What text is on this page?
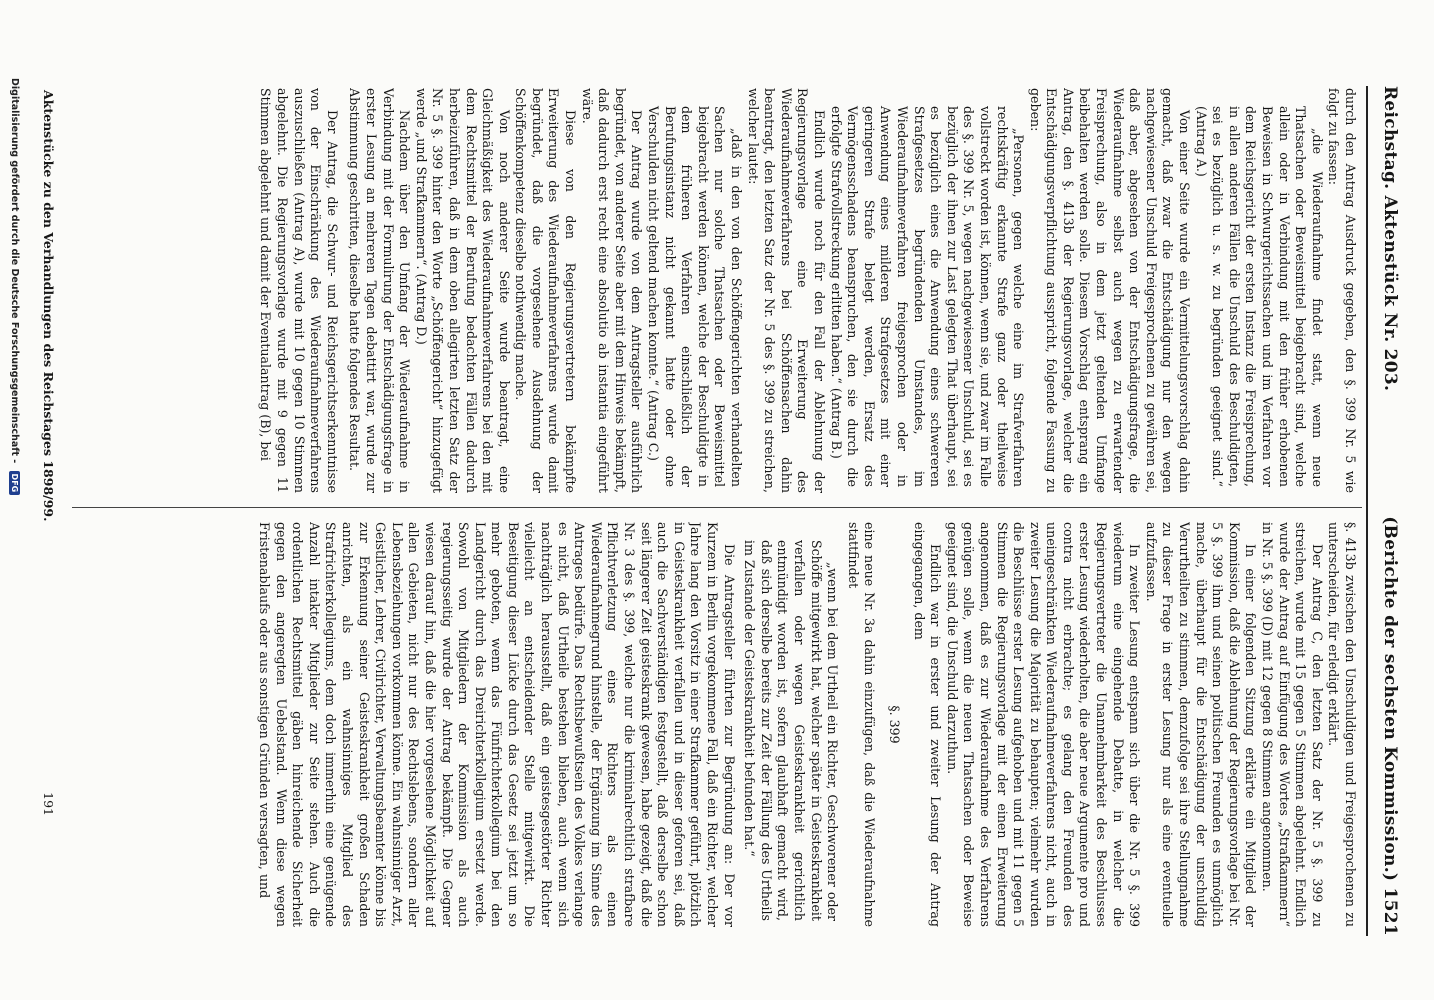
Reichstag. Aktenstück Nr. 203.
(Berichte der sechsten Kommission.) 1521

durch den Antrag Ausdruck gegeben, den §. 399 Nr. 5 wie folgt zu fassen:

„die Wiederaufnahme findet statt, wenn neue Thatsachen oder Beweismittel beigebracht sind, welche allein oder in Verbindung mit den früher erhobenen Beweisen in Schwurgerichtssachen und im Verfahren vor dem Reichsgericht der ersten Instanz die Freisprechung, in allen anderen Fällen die Unschuld des Beschuldigten, sei es bezüglich u. s. w. zu begründen geeignet sind.“ (Antrag A.)

Von einer Seite wurde ein Vermittelungsvorschlag dahin gemacht, daß zwar die Entschädigung nur den wegen nachgewiesener Unschuld Freigesprochenen zu gewähren sei, daß aber, abgesehen von der Entschädigungsfrage, die Wiederaufnahme selbst auch wegen zu erwartender Freisprechung, also in dem jetzt geltenden Umfange beibehalten werden solle. Diesem Vorschlag entsprang ein Antrag, den §. 413b der Regierungsvorlage, welcher die Entschädigungsverpflichtung ausspricht, folgende Fassung zu geben:

„Personen, gegen welche eine im Strafverfahren rechtskräftig erkannte Strafe ganz oder theilweise vollstreckt worden ist, können, wenn sie, und zwar im Falle des §. 399 Nr. 5, wegen nachgewiesener Unschuld, sei es bezüglich der ihnen zur Last gelegten That überhaupt, sei es bezüglich eines die Anwendung eines schwereren Strafgesetzes begründenden Umstandes, im Wiederaufnahmeverfahren freigesprochen oder in Anwendung eines milderen Strafgesetzes mit einer geringeren Strafe belegt werden, Ersatz des Vermögensschadens beanspruchen, den sie durch die erfolgte Strafvollstreckung erlitten haben.“ (Antrag B.)

Endlich wurde noch für den Fall der Ablehnung der Regierungsvorlage eine Erweiterung des Wiederaufnahmeverfahrens bei Schöffensachen dahin beantragt, den letzten Satz der Nr. 5 des §. 399 zu streichen, welcher lautet:

„daß in den von den Schöffengerichten verhandelten Sachen nur solche Thatsachen oder Beweismittel beigebracht werden können, welche der Beschuldigte in dem früheren Verfahren einschließlich der Berufungsinstanz nicht gekannt hatte oder ohne Verschulden nicht geltend machen konnte.“ (Antrag C.)

Der Antrag wurde von dem Antragsteller ausführlich begründet, von anderer Seite aber mit dem Hinweis bekämpft, daß dadurch erst recht eine absolutio ab instantia eingeführt wäre.

Diese von den Regierungsvertretern bekämpfte Erweiterung des Wiederaufnahmeverfahrens wurde damit begründet, daß die vorgesehene Ausdehnung der Schöffenkompetenz dieselbe nothwendig mache.

Von noch anderer Seite wurde beantragt, eine Gleichmäßigkeit des Wiederaufnahmeverfahrens bei den mit dem Rechtsmittel der Berufung bedachten Fällen dadurch herbeizuführen, daß in dem oben allegirten letzten Satz der Nr. 5 §. 399 hinter den Worte „Schöffengericht“ hinzugefügt werde „und Strafkammern“. (Antrag D.)

Nachdem über den Umfang der Wiederaufnahme in Verbindung mit der Formulirung der Entschädigungsfrage in erster Lesung an mehreren Tagen debattirt war, wurde zur Abstimmung geschritten, dieselbe hatte folgendes Resultat.

Der Antrag, die Schwur- und Reichsgerichtserkenntnisse von der Einschränkung des Wiederaufnahmeverfahrens auszuschließen (Antrag A), wurde mit 10 gegen 10 Stimmen abgelehnt. Die Regierungsvorlage wurde mit 9 gegen 11 Stimmen abgelehnt und damit der Eventualantrag (B), bei

§. 413b zwischen den Unschuldigen und Freigesprochenen zu unterscheiden, für erledigt erklärt.

Der Antrag C, den letzten Satz der Nr. 5 §. 399 zu streichen, wurde mit 15 gegen 5 Stimmen abgelehnt. Endlich wurde der Antrag auf Einfügung des Wortes „Strafkammern“ in Nr. 5 §. 399 (D) mit 12 gegen 8 Stimmen angenommen.

In einer folgenden Sitzung erklärte ein Mitglied der Kommission, daß die Ablehnung der Regierungsvorlage bei Nr. 5 §. 399 ihm und seinen politischen Freunden es unmöglich mache, überhaupt für die Entschädigung der unschuldig Verurtheilten zu stimmen, demzufolge sei ihre Stellungnahme zu dieser Frage in erster Lesung nur als eine eventuelle aufzufassen.

In zweiter Lesung entspann sich über die Nr. 5 §. 399 wiederum eine eingehende Debatte, in welcher die Regierungsvertreter die Unannehmbarkeit des Beschlusses erster Lesung wiederholten, die aber neue Argumente pro und contra nicht erbrachte; es gelang den Freunden des uneingeschränkten Wiederaufnahmeverfahrens nicht, auch in zweiter Lesung die Majorität zu behaupten; vielmehr wurden die Beschlüsse erster Lesung aufgehoben und mit 11 gegen 5 Stimmen die Regierungsvorlage mit der einen Erweiterung angenommen, daß es zur Wiederaufnahme des Verfahrens genügen solle, wenn die neuen Thatsachen oder Beweise geeignet sind, die Unschuld darzuthun.

Endlich war in erster und zweiter Lesung der Antrag eingegangen, dem

§. 399

eine neue Nr. 3a dahin einzufügen, daß die Wiederaufnahme stattfindet

„wenn bei dem Urtheil ein Richter, Geschworener oder Schöffe mitgewirkt hat, welcher später in Geisteskrankheit verfallen oder wegen Geisteskrankheit gerichtlich entmündigt worden ist, sofern glaubhaft gemacht wird, daß sich derselbe bereits zur Zeit der Fällung des Urtheils im Zustande der Geisteskrankheit befunden hat.“

Die Antragsteller führten zur Begründung an: Der vor Kurzem in Berlin vorgekommene Fall, daß ein Richter, welcher Jahre lang den Vorsitz in einer Strafkammer geführt, plötzlich in Geisteskrankheit verfallen und in dieser geforen sei, daß auch die Sachverständigen festgestellt, daß derselbe schon seit längerer Zeit geisteskrank gewesen, habe gezeigt, daß die Nr. 3 des §. 399, welche nur die kriminalrechtlich strafbare Pflichtverletzung eines Richters als einen Wiederaufnahmegrund hinstelle, der Ergänzung im Sinne des Antrages bedürfe. Das Rechtsbewußtsein des Volkes verlange es nicht, daß Urtheile bestehen blieben, auch wenn sich nachträglich herausstellt, daß ein geistesgestörter Richter vielleicht an entscheidender Stelle mitgewirkt. Die Beseitigung dieser Lücke durch das Gesetz sei jetzt um so mehr geboten, wenn das Fünfrichterkollegium bei den Landgericht durch das Dreirichterkollegium ersetzt werde. Sowohl von Mitgliedern der Kommission als auch regierungsseitig wurde der Antrag bekämpft. Die Gegner wiesen darauf hin, daß die hier vorgesehene Möglichkeit auf allen Gebieten, nicht nur des Rechtslebens, sondern aller Lebensbeziehungen vorkommen könne. Ein wahnsinniger Arzt, Geistlicher, Lehrer, Civilrichter, Verwaltungsbeamter könne bis zur Erkennung seiner Geisteskrankheit großen Schaden anrichten, als ein wahnsinniges Mitglied des Strafrichterkollegiums, dem doch immerhin eine genügende Anzahl intakter Mitglieder zur Seite stehen. Auch die ordentlichen Rechtsmittel gäben hinreichende Sicherheit gegen den angeregten Uebelstand. Wenn diese wegen Fristenablaufs oder aus sonstigen Gründen versagten, und

Aktenstücke zu den Verhandlungen des Reichstages 1898/99.
191
Digitalisierung gefördert durch die Deutsche Forschungsgemeinschaft - DFG
